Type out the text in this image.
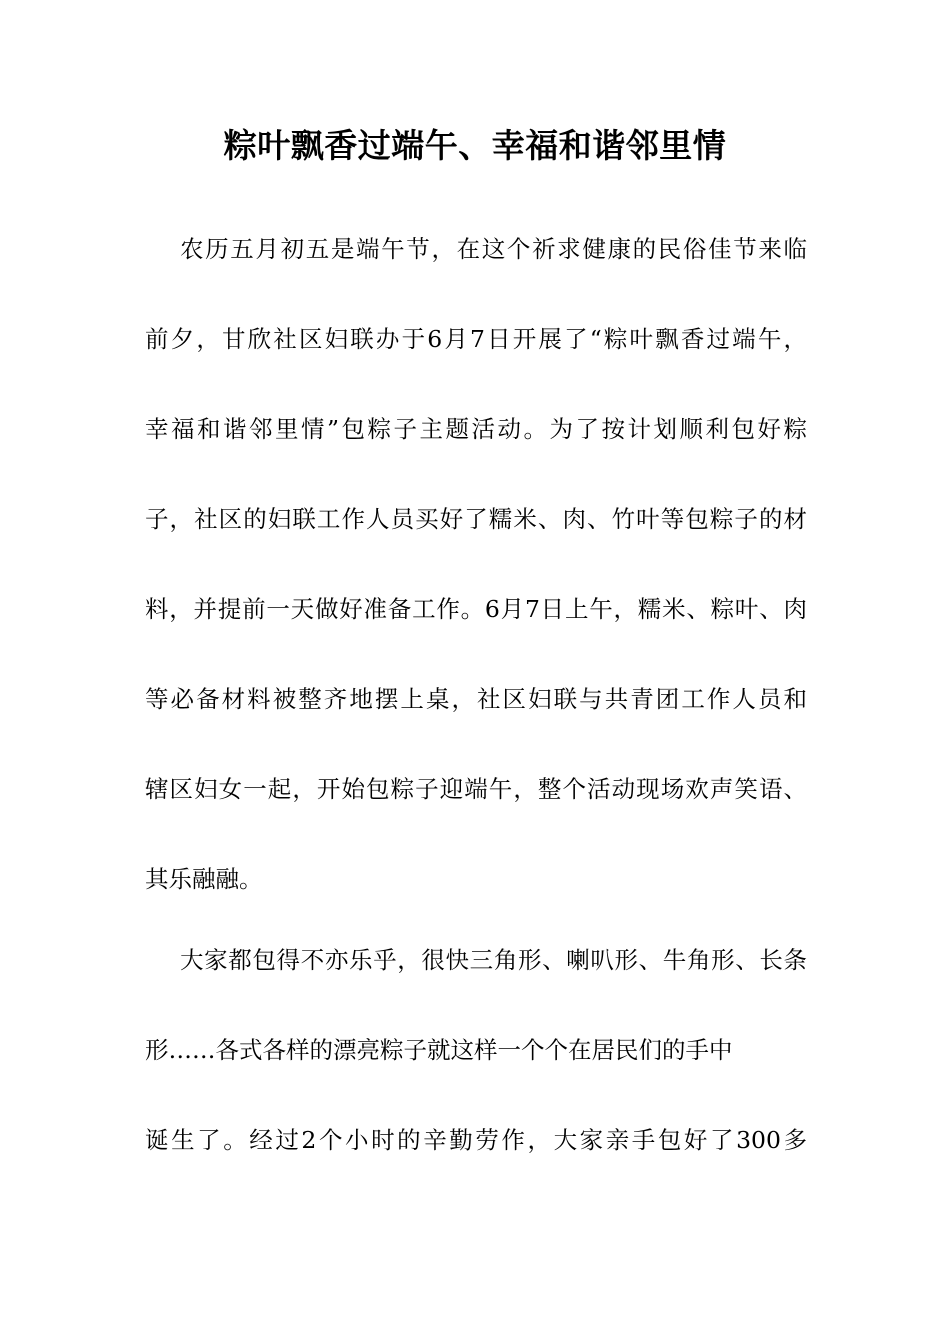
粽叶飘香过端午、幸福和谐邻里情
农历五月初五是端午节，在这个祈求健康的民俗佳节来临
前夕，甘欣社区妇联办于6月7日开展了“粽叶飘香过端午，
幸福和谐邻里情”包粽子主题活动。为了按计划顺利包好粽
子，社区的妇联工作人员买好了糯米、肉、竹叶等包粽子的材
料，并提前一天做好准备工作。6月7日上午，糯米、粽叶、肉
等必备材料被整齐地摆上桌，社区妇联与共青团工作人员和
辖区妇女一起，开始包粽子迎端午，整个活动现场欢声笑语、
其乐融融。
大家都包得不亦乐乎，很快三角形、喇叭形、牛角形、长条
形……各式各样的漂亮粽子就这样一个个在居民们的手中
诞生了。经过2个小时的辛勤劳作，大家亲手包好了300多
